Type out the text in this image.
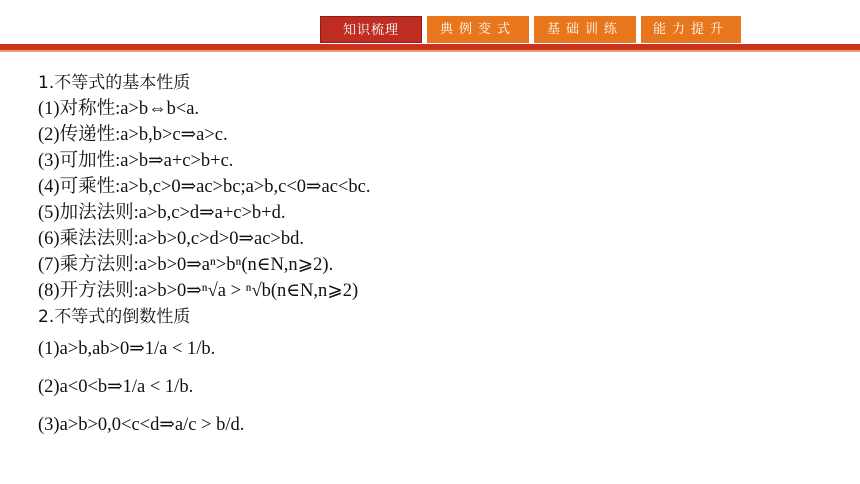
知识梳理	典例变式	基础训练	能力提升
1.不等式的基本性质
(1)对称性:a>b⇔b<a.
(2)传递性:a>b,b>c⇒a>c.
(3)可加性:a>b⇒a+c>b+c.
(4)可乘性:a>b,c>0⇒ac>bc;a>b,c<0⇒ac<bc.
(5)加法法则:a>b,c>d⇒a+c>b+d.
(6)乘法法则:a>b>0,c>d>0⇒ac>bd.
(7)乘方法则:a>b>0⇒aⁿ>bⁿ(n∈N,n⩾2).
(8)开方法则:a>b>0⇒ⁿ√a > ⁿ√b(n∈N,n⩾2)
2.不等式的倒数性质
(1)a>b,ab>0⇒1/a < 1/b.
(2)a<0<b⇒1/a < 1/b.
(3)a>b>0,0<c<d⇒a/c > b/d.
